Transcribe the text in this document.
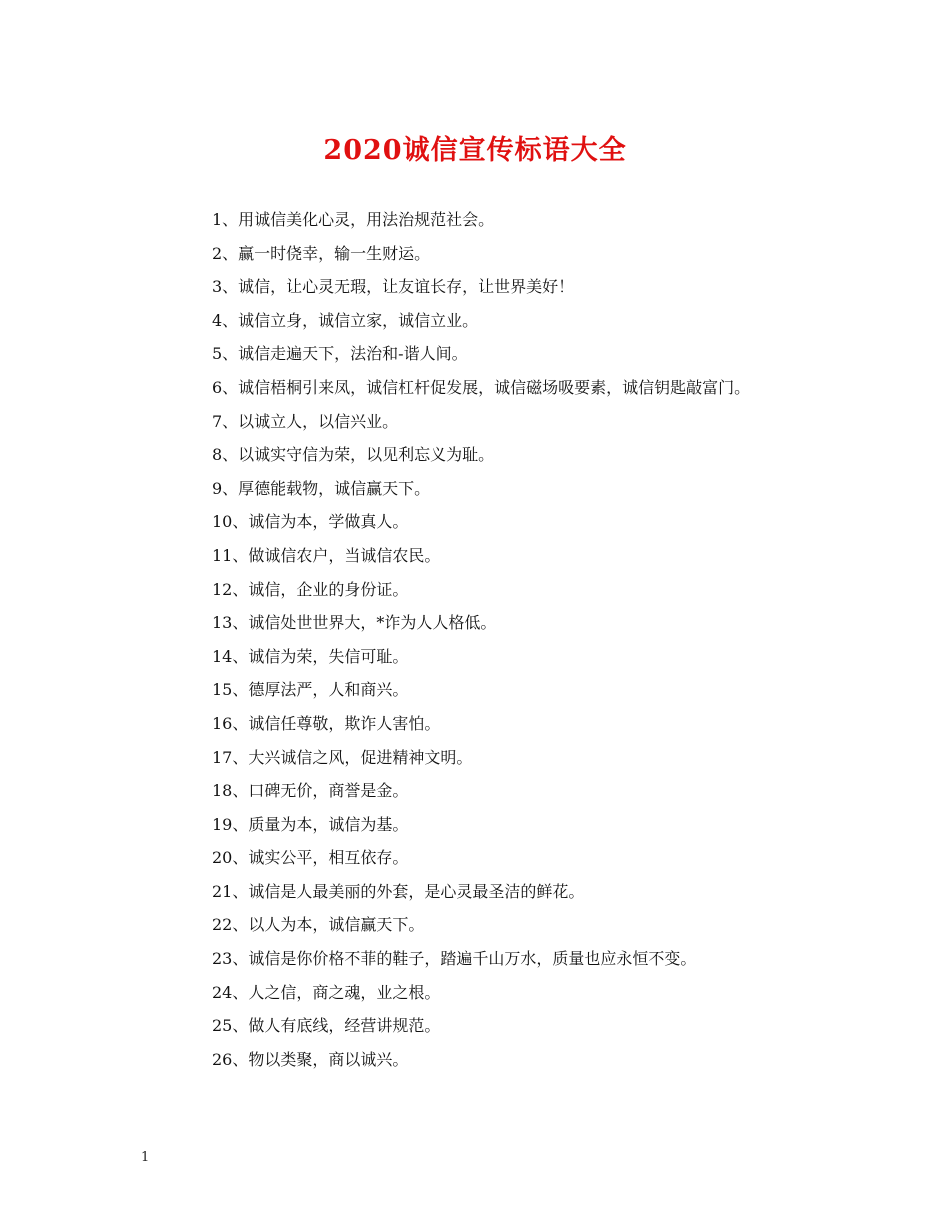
2020诚信宣传标语大全

1、用诚信美化心灵，用法治规范社会。

2、赢一时侥幸，输一生财运。

3、诚信，让心灵无瑕，让友谊长存，让世界美好！

4、诚信立身，诚信立家，诚信立业。

5、诚信走遍天下，法治和-谐人间。

6、诚信梧桐引来凤，诚信杠杆促发展，诚信磁场吸要素，诚信钥匙敲富门。

7、以诚立人，以信兴业。

8、以诚实守信为荣，以见利忘义为耻。

9、厚德能载物，诚信赢天下。

10、诚信为本，学做真人。

11、做诚信农户，当诚信农民。

12、诚信，企业的身份证。

13、诚信处世世界大，*诈为人人格低。

14、诚信为荣，失信可耻。

15、德厚法严，人和商兴。

16、诚信任尊敬，欺诈人害怕。

17、大兴诚信之风，促进精神文明。

18、口碑无价，商誉是金。

19、质量为本，诚信为基。

20、诚实公平，相互依存。

21、诚信是人最美丽的外套，是心灵最圣洁的鲜花。

22、以人为本，诚信赢天下。

23、诚信是你价格不菲的鞋子，踏遍千山万水，质量也应永恒不变。

24、人之信，商之魂，业之根。

25、做人有底线，经营讲规范。

26、物以类聚，商以诚兴。

1
